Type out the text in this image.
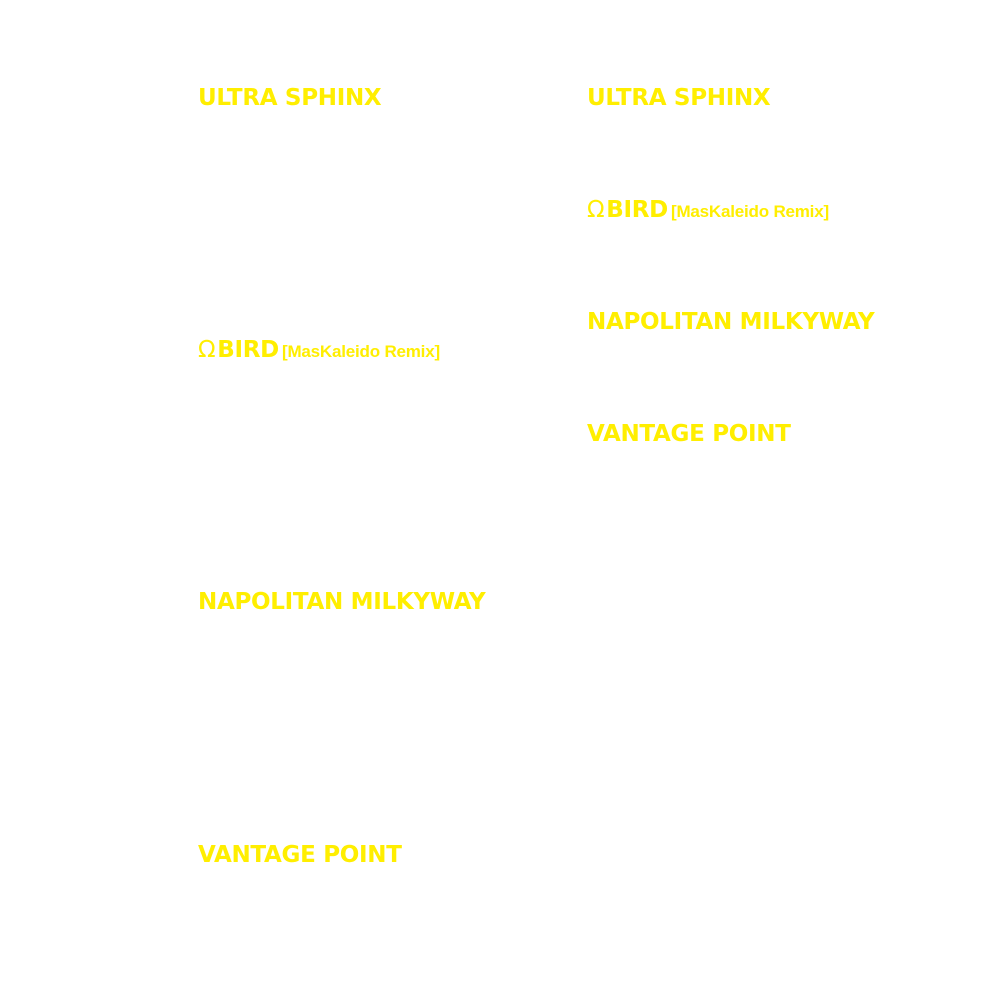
ULTRA SPHINX
ΩBIRD [MasKaleido Remix]
NAPOLITAN MILKYWAY
VANTAGE POINT
ULTRA SPHINX
ΩBIRD [MasKaleido Remix]
NAPOLITAN MILKYWAY
VANTAGE POINT
